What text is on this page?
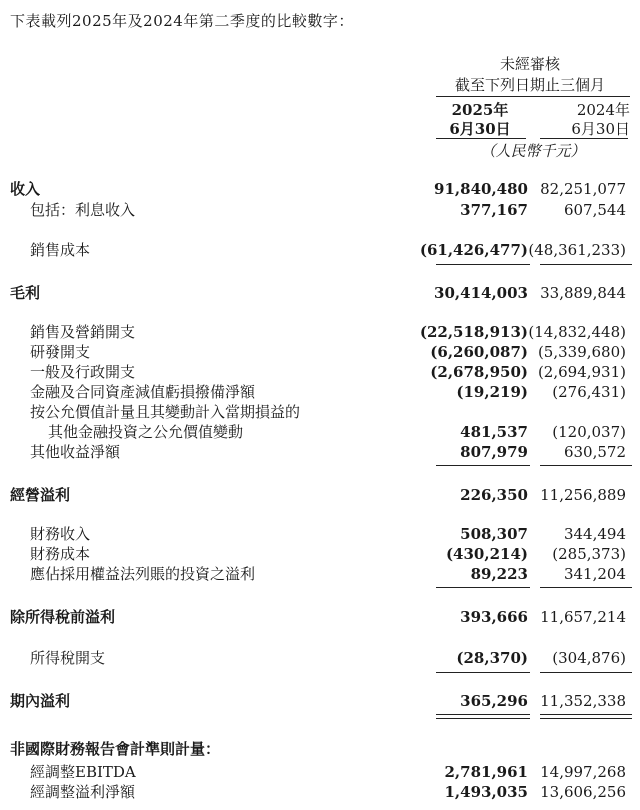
下表載列2025年及2024年第二季度的比較數字：
未經審核
截至下列日期止三個月
2025年
6月30日
2024年
6月30日
（人民幣千元）
收入	91,840,480 82,251,077
包括：利息收入	377,167 607,544
銷售成本	(61,426,477) (48,361,233)
毛利	30,414,003 33,889,844
銷售及營銷開支	(22,518,913) (14,832,448)
研發開支	(6,260,087) (5,339,680)
一般及行政開支	(2,678,950) (2,694,931)
金融及合同資產減值虧損撥備淨額	(19,219) (276,431)
按公允價值計量且其變動計入當期損益的
其他金融投資之公允價值變動	481,537 (120,037)
其他收益淨額	807,979 630,572
經營溢利	226,350 11,256,889
財務收入	508,307 344,494
財務成本	(430,214) (285,373)
應佔採用權益法列賬的投資之溢利	89,223 341,204
除所得稅前溢利	393,666 11,657,214
所得稅開支	(28,370) (304,876)
期內溢利	365,296 11,352,338
非國際財務報告會計準則計量：
經調整EBITDA	2,781,961 14,997,268
經調整溢利淨額	1,493,035 13,606,256
